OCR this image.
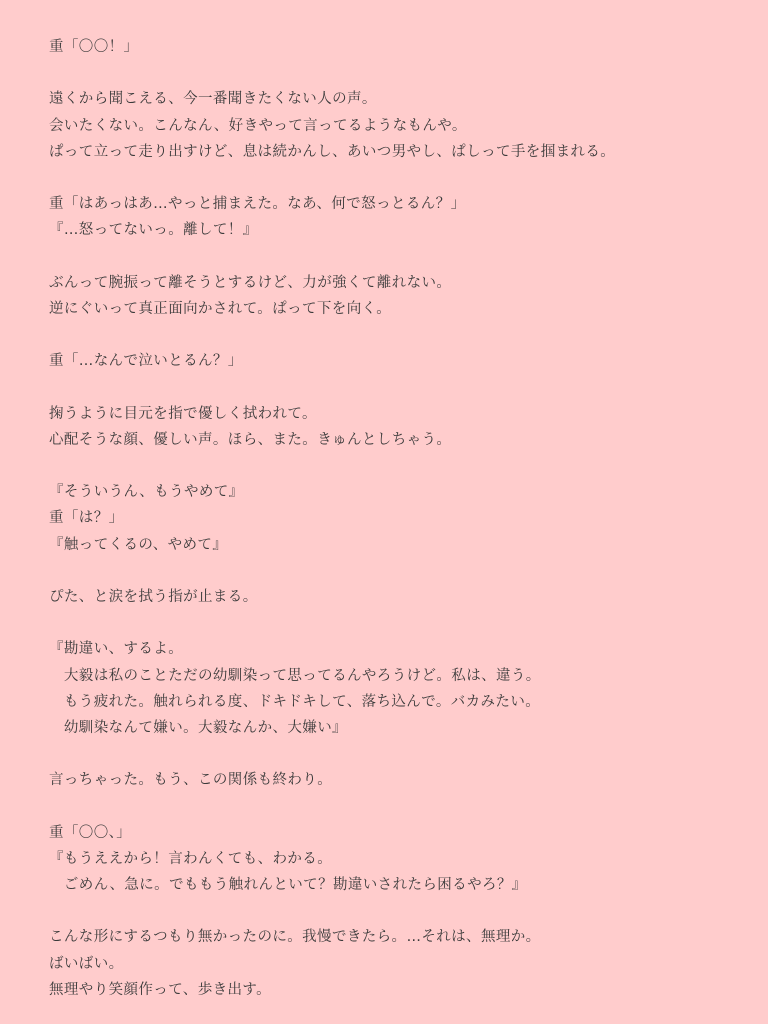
重「〇〇！」
遠くから聞こえる、今一番聞きたくない人の声。
会いたくない。こんなん、好きやって言ってるようなもんや。
ぱって立って走り出すけど、息は続かんし、あいつ男やし、ぱしって手を掴まれる。
重「はあっはあ…やっと捕まえた。なあ、何で怒っとるん？」
『…怒ってないっ。離して！』
ぶんって腕振って離そうとするけど、力が強くて離れない。
逆にぐいって真正面向かされて。ぱって下を向く。
重「…なんで泣いとるん？」
掬うように目元を指で優しく拭われて。
心配そうな顔、優しい声。ほら、また。きゅんとしちゃう。
『そういうん、もうやめて』
重「は？」
『触ってくるの、やめて』
ぴた、と涙を拭う指が止まる。
『勘違い、するよ。
　大毅は私のことただの幼馴染って思ってるんやろうけど。私は、違う。
　もう疲れた。触れられる度、ドキドキして、落ち込んで。バカみたい。
　幼馴染なんて嫌い。大毅なんか、大嫌い』
言っちゃった。もう、この関係も終わり。
重「〇〇、」
『もうええから！言わんくても、わかる。
　ごめん、急に。でももう触れんといて？勘違いされたら困るやろ？』
こんな形にするつもり無かったのに。我慢できたら。…それは、無理か。
ばいばい。
無理やり笑顔作って、歩き出す。
